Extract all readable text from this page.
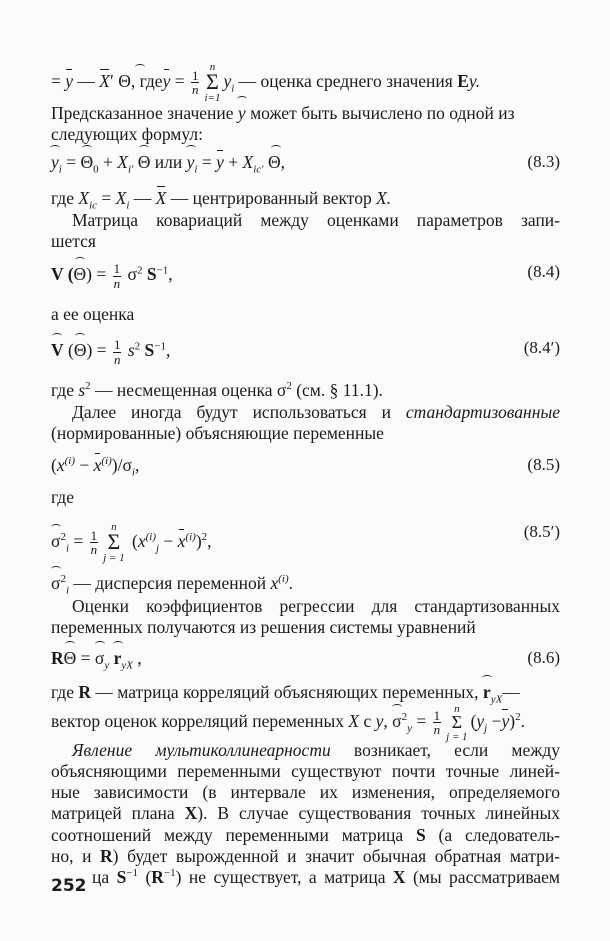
= y — X′ Θ, гдеy = $\frac{1}{n}$
n
Σ
i=1
$y_i$ — оценка среднего значения Ey.
Предсказанное значение y может быть вычислено по одной из
следующих формул:
$y_i = \Theta_0 + X_{i'}$ Θ или $y_i = y + X_{ic'}$ Θ,	(8.3)
где $X_{ic} = X_i$ — X — центрированный вектор X.
Матрица ковариаций между оценками параметров запи-
шется
V $(\Theta) = \frac{1}{n} \sigma^2$ $S^{-1}$,	(8.4)
а ее оценка
V $(\Theta) = \frac{1}{n} s^2$ $S^{-1}$,	(8.4′)
где $s^2$ — несмещенная оценка $\sigma^2$ (см. § 11.1).
Далее иногда будут использоваться и стандартизованные
(нормированные) объясняющие переменные
$(x^{(i)} - x^{(i)})/\sigma_i$,	(8.5)
где
$\sigma^2_i = \frac{1}{n}$
n
Σ
j = 1
$(x^{(i)}_j - x^{(i)})^2$,	(8.5′)
$\sigma^2_i$ — дисперсия переменной $x^{(i)}$.
Оценки коэффициентов регрессии для стандартизованных
переменных получаются из решения системы уравнений
$R\Theta = \sigma_y$ $r_{yX}$ ,	(8.6)
где R — матрица корреляций объясняющих переменных, $r_{yX}—$
вектор оценок корреляций переменных X с y, $\sigma^2_y = \frac{1}{n}$ n
Σ
j = 1
$(y_j -y)^2$.
Явление мультиколлинеарности возникает, если между
объясняющими переменными существуют почти точные линей-
ные зависимости (в интервале их изменения, определяемого
матрицей плана X). В случае существования точных линейных
соотношений между переменными матрица S (а следователь-
но, и R) будет вырожденной и значит обычная обратная матри-
ца $S^{-1}$ $(R^{-1})$ не существует, а матрица X (мы рассматриваем
252
